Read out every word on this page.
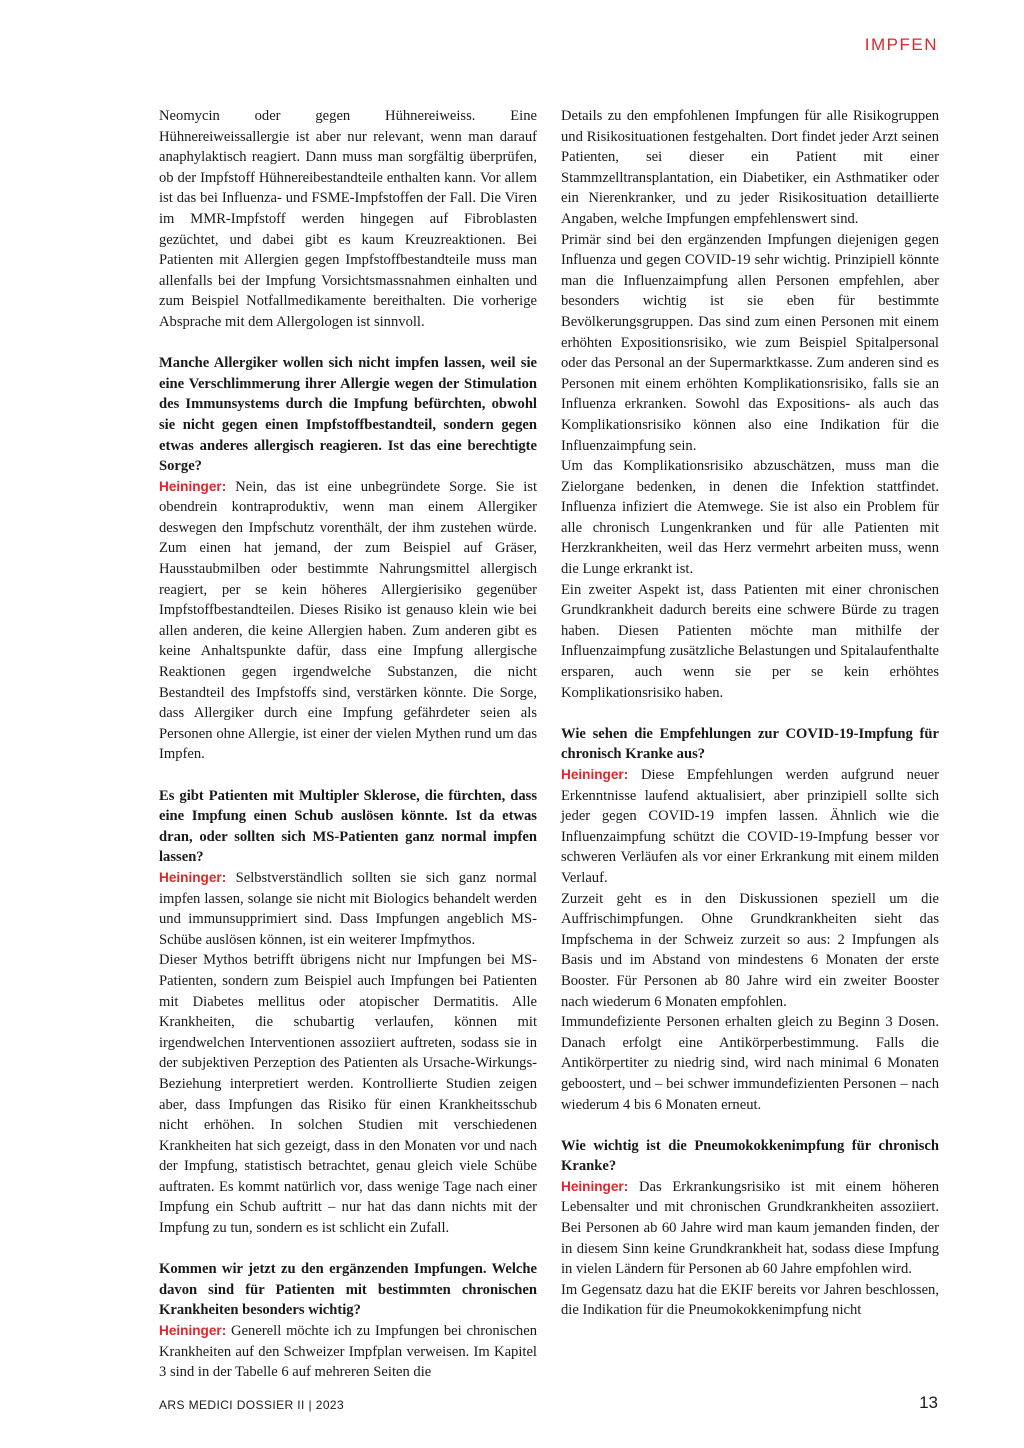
IMPFEN

Neomycin oder gegen Hühnereiweiss. Eine Hühnereiweissallergie ist aber nur relevant, wenn man darauf anaphylaktisch reagiert. Dann muss man sorgfältig überprüfen, ob der Impfstoff Hühnereibestandteile enthalten kann. Vor allem ist das bei Influenza- und FSME-Impfstoffen der Fall. Die Viren im MMR-Impfstoff werden hingegen auf Fibroblasten gezüchtet, und dabei gibt es kaum Kreuzreaktionen. Bei Patienten mit Allergien gegen Impfstoffbestandteile muss man allenfalls bei der Impfung Vorsichtsmassnahmen einhalten und zum Beispiel Notfallmedikamente bereithalten. Die vorherige Absprache mit dem Allergologen ist sinnvoll.

Manche Allergiker wollen sich nicht impfen lassen, weil sie eine Verschlimmerung ihrer Allergie wegen der Stimulation des Immunsystems durch die Impfung befürchten, obwohl sie nicht gegen einen Impfstoffbestandteil, sondern gegen etwas anderes allergisch reagieren. Ist das eine berechtigte Sorge?

Heininger: Nein, das ist eine unbegründete Sorge. Sie ist obendrein kontraproduktiv, wenn man einem Allergiker deswegen den Impfschutz vorenthält, der ihm zustehen würde. Zum einen hat jemand, der zum Beispiel auf Gräser, Hausstaubmilben oder bestimmte Nahrungsmittel allergisch reagiert, per se kein höheres Allergierisiko gegenüber Impfstoffbestandteilen. Dieses Risiko ist genauso klein wie bei allen anderen, die keine Allergien haben. Zum anderen gibt es keine Anhaltspunkte dafür, dass eine Impfung allergische Reaktionen gegen irgendwelche Substanzen, die nicht Bestandteil des Impfstoffs sind, verstärken könnte. Die Sorge, dass Allergiker durch eine Impfung gefährdeter seien als Personen ohne Allergie, ist einer der vielen Mythen rund um das Impfen.

Es gibt Patienten mit Multipler Sklerose, die fürchten, dass eine Impfung einen Schub auslösen könnte. Ist da etwas dran, oder sollten sich MS-Patienten ganz normal impfen lassen?

Heininger: Selbstverständlich sollten sie sich ganz normal impfen lassen, solange sie nicht mit Biologics behandelt werden und immunsupprimiert sind. Dass Impfungen angeblich MS-Schübe auslösen können, ist ein weiterer Impfmythos.

Dieser Mythos betrifft übrigens nicht nur Impfungen bei MS-Patienten, sondern zum Beispiel auch Impfungen bei Patienten mit Diabetes mellitus oder atopischer Dermatitis. Alle Krankheiten, die schubartig verlaufen, können mit irgendwelchen Interventionen assoziiert auftreten, sodass sie in der subjektiven Perzeption des Patienten als Ursache-Wirkungs-Beziehung interpretiert werden. Kontrollierte Studien zeigen aber, dass Impfungen das Risiko für einen Krankheitsschub nicht erhöhen. In solchen Studien mit verschiedenen Krankheiten hat sich gezeigt, dass in den Monaten vor und nach der Impfung, statistisch betrachtet, genau gleich viele Schübe auftraten. Es kommt natürlich vor, dass wenige Tage nach einer Impfung ein Schub auftritt – nur hat das dann nichts mit der Impfung zu tun, sondern es ist schlicht ein Zufall.

Kommen wir jetzt zu den ergänzenden Impfungen. Welche davon sind für Patienten mit bestimmten chronischen Krankheiten besonders wichtig?

Heininger: Generell möchte ich zu Impfungen bei chronischen Krankheiten auf den Schweizer Impfplan verweisen. Im Kapitel 3 sind in der Tabelle 6 auf mehreren Seiten die

Details zu den empfohlenen Impfungen für alle Risikogruppen und Risikosituationen festgehalten. Dort findet jeder Arzt seinen Patienten, sei dieser ein Patient mit einer Stammzelltransplantation, ein Diabetiker, ein Asthmatiker oder ein Nierenkranker, und zu jeder Risikosituation detaillierte Angaben, welche Impfungen empfehlenswert sind.

Primär sind bei den ergänzenden Impfungen diejenigen gegen Influenza und gegen COVID-19 sehr wichtig. Prinzipiell könnte man die Influenzaimpfung allen Personen empfehlen, aber besonders wichtig ist sie eben für bestimmte Bevölkerungsgruppen. Das sind zum einen Personen mit einem erhöhten Expositionsrisiko, wie zum Beispiel Spitalpersonal oder das Personal an der Supermarktkasse. Zum anderen sind es Personen mit einem erhöhten Komplikationsrisiko, falls sie an Influenza erkranken. Sowohl das Expositions- als auch das Komplikationsrisiko können also eine Indikation für die Influenzaimpfung sein.

Um das Komplikationsrisiko abzuschätzen, muss man die Zielorgane bedenken, in denen die Infektion stattfindet. Influenza infiziert die Atemwege. Sie ist also ein Problem für alle chronisch Lungenkranken und für alle Patienten mit Herzkrankheiten, weil das Herz vermehrt arbeiten muss, wenn die Lunge erkrankt ist.

Ein zweiter Aspekt ist, dass Patienten mit einer chronischen Grundkrankheit dadurch bereits eine schwere Bürde zu tragen haben. Diesen Patienten möchte man mithilfe der Influenzaimpfung zusätzliche Belastungen und Spitalaufenthalte ersparen, auch wenn sie per se kein erhöhtes Komplikationsrisiko haben.

Wie sehen die Empfehlungen zur COVID-19-Impfung für chronisch Kranke aus?

Heininger: Diese Empfehlungen werden aufgrund neuer Erkenntnisse laufend aktualisiert, aber prinzipiell sollte sich jeder gegen COVID-19 impfen lassen. Ähnlich wie die Influenzaimpfung schützt die COVID-19-Impfung besser vor schweren Verläufen als vor einer Erkrankung mit einem milden Verlauf.

Zurzeit geht es in den Diskussionen speziell um die Auffrischimpfungen. Ohne Grundkrankheiten sieht das Impfschema in der Schweiz zurzeit so aus: 2 Impfungen als Basis und im Abstand von mindestens 6 Monaten der erste Booster. Für Personen ab 80 Jahre wird ein zweiter Booster nach wiederum 6 Monaten empfohlen.

Immundefiziente Personen erhalten gleich zu Beginn 3 Dosen. Danach erfolgt eine Antikörperbestimmung. Falls die Antikörpertiter zu niedrig sind, wird nach minimal 6 Monaten geboostert, und – bei schwer immundefizienten Personen – nach wiederum 4 bis 6 Monaten erneut.

Wie wichtig ist die Pneumokokkenimpfung für chronisch Kranke?

Heininger: Das Erkrankungsrisiko ist mit einem höheren Lebensalter und mit chronischen Grundkrankheiten assoziiert. Bei Personen ab 60 Jahre wird man kaum jemanden finden, der in diesem Sinn keine Grundkrankheit hat, sodass diese Impfung in vielen Ländern für Personen ab 60 Jahre empfohlen wird.

Im Gegensatz dazu hat die EKIF bereits vor Jahren beschlossen, die Indikation für die Pneumokokkenimpfung nicht

ARS MEDICI DOSSIER II | 2023	13
